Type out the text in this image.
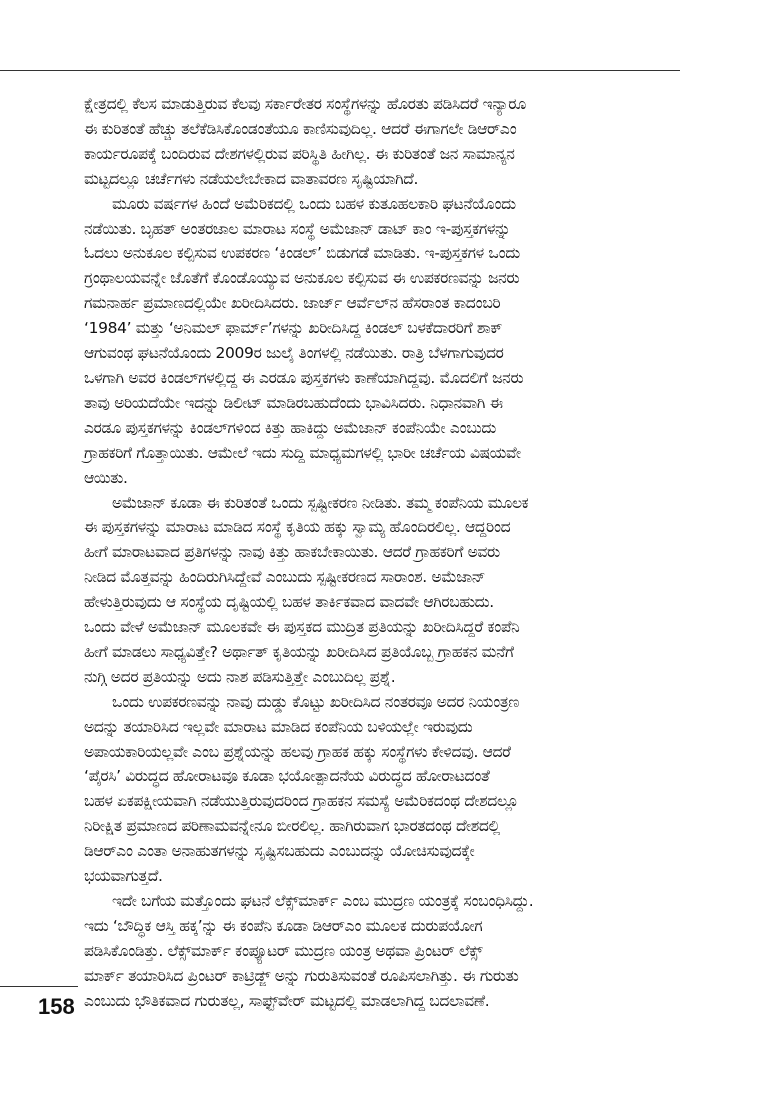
ಕ್ಷೇತ್ರದಲ್ಲಿ ಕೆಲಸ ಮಾಡುತ್ತಿರುವ ಕೆಲವು ಸರ್ಕಾರೇತರ ಸಂಸ್ಥೆಗಳನ್ನು ಹೊರತು ಪಡಿಸಿದರೆ ಇನ್ಯಾರೂ
ಈ ಕುರಿತಂತೆ ಹೆಚ್ಚು ತಲೆಕೆಡಿಸಿಕೊಂಡಂತೆಯೂ ಕಾಣಿಸುವುದಿಲ್ಲ. ಆದರೆ ಈಗಾಗಲೇ ಡಿಆರ್‌ಎಂ
ಕಾರ್ಯರೂಪಕ್ಕೆ ಬಂದಿರುವ ದೇಶಗಳಲ್ಲಿರುವ ಪರಿಸ್ಥಿತಿ ಹೀಗಿಲ್ಲ. ಈ ಕುರಿತಂತೆ ಜನ ಸಾಮಾನ್ಯನ
ಮಟ್ಟದಲ್ಲೂ ಚರ್ಚೆಗಳು ನಡೆಯಲೇಬೇಕಾದ ವಾತಾವರಣ ಸೃಷ್ಟಿಯಾಗಿದೆ.
ಮೂರು ವರ್ಷಗಳ ಹಿಂದೆ ಅಮೆರಿಕದಲ್ಲಿ ಒಂದು ಬಹಳ ಕುತೂಹಲಕಾರಿ ಘಟನೆಯೊಂದು
ನಡೆಯಿತು. ಬೃಹತ್ ಅಂತರಜಾಲ ಮಾರಾಟ ಸಂಸ್ಥೆ ಅಮೆಜಾನ್ ಡಾಟ್ ಕಾಂ ಇ-ಪುಸ್ತಕಗಳನ್ನು
ಓದಲು ಅನುಕೂಲ ಕಲ್ಪಿಸುವ ಉಪಕರಣ ‘ಕಿಂಡಲ್’ ಬಿಡುಗಡೆ ಮಾಡಿತು. ಇ-ಪುಸ್ತಕಗಳ ಒಂದು
ಗ್ರಂಥಾಲಯವನ್ನೇ ಜೊತೆಗೆ ಕೊಂಡೊಯ್ಯುವ ಅನುಕೂಲ ಕಲ್ಪಿಸುವ ಈ ಉಪಕರಣವನ್ನು ಜನರು
ಗಮನಾರ್ಹ ಪ್ರಮಾಣದಲ್ಲಿಯೇ ಖರೀದಿಸಿದರು. ಜಾರ್ಜ್ ಆರ್ವೆಲ್‌ನ ಹೆಸರಾಂತ ಕಾದಂಬರಿ
‘1984’ ಮತ್ತು ‘ಅನಿಮಲ್ ಫಾರ್ಮ್’ಗಳನ್ನು ಖರೀದಿಸಿದ್ದ ಕಿಂಡಲ್ ಬಳಕೆದಾರರಿಗೆ ಶಾಕ್
ಆಗುವಂಥ ಘಟನೆಯೊಂದು 2009ರ ಜುಲೈ ತಿಂಗಳಲ್ಲಿ ನಡೆಯಿತು. ರಾತ್ರಿ ಬೆಳಗಾಗುವುದರ
ಒಳಗಾಗಿ ಅವರ ಕಿಂಡಲ್‌ಗಳಲ್ಲಿದ್ದ ಈ ಎರಡೂ ಪುಸ್ತಕಗಳು ಕಾಣೆಯಾಗಿದ್ದವು. ಮೊದಲಿಗೆ ಜನರು
ತಾವು ಅರಿಯದೆಯೇ ಇದನ್ನು ಡಿಲೀಟ್ ಮಾಡಿರಬಹುದೆಂದು ಭಾವಿಸಿದರು. ನಿಧಾನವಾಗಿ ಈ
ಎರಡೂ ಪುಸ್ತಕಗಳನ್ನು ಕಿಂಡಲ್‌ಗಳಿಂದ ಕಿತ್ತು ಹಾಕಿದ್ದು ಅಮೆಜಾನ್ ಕಂಪೆನಿಯೇ ಎಂಬುದು
ಗ್ರಾಹಕರಿಗೆ ಗೊತ್ತಾಯಿತು. ಆಮೇಲೆ ಇದು ಸುದ್ದಿ ಮಾಧ್ಯಮಗಳಲ್ಲಿ ಭಾರೀ ಚರ್ಚೆಯ ವಿಷಯವೇ
ಆಯಿತು.
ಅಮೆಜಾನ್ ಕೂಡಾ ಈ ಕುರಿತಂತೆ ಒಂದು ಸ್ಪಷ್ಟೀಕರಣ ನೀಡಿತು. ತಮ್ಮ ಕಂಪೆನಿಯ ಮೂಲಕ
ಈ ಪುಸ್ತಕಗಳನ್ನು ಮಾರಾಟ ಮಾಡಿದ ಸಂಸ್ಥೆ ಕೃತಿಯ ಹಕ್ಕು ಸ್ವಾಮ್ಯ ಹೊಂದಿರಲಿಲ್ಲ. ಆದ್ದರಿಂದ
ಹೀಗೆ ಮಾರಾಟವಾದ ಪ್ರತಿಗಳನ್ನು ನಾವು ಕಿತ್ತು ಹಾಕಬೇಕಾಯಿತು. ಆದರೆ ಗ್ರಾಹಕರಿಗೆ ಅವರು
ನೀಡಿದ ಮೊತ್ತವನ್ನು ಹಿಂದಿರುಗಿಸಿದ್ದೇವೆ ಎಂಬುದು ಸ್ಪಷ್ಟೀಕರಣದ ಸಾರಾಂಶ. ಅಮೆಜಾನ್
ಹೇಳುತ್ತಿರುವುದು ಆ ಸಂಸ್ಥೆಯ ದೃಷ್ಟಿಯಲ್ಲಿ ಬಹಳ ತಾರ್ಕಿಕವಾದ ವಾದವೇ ಆಗಿರಬಹುದು.
ಒಂದು ವೇಳೆ ಅಮೆಜಾನ್ ಮೂಲಕವೇ ಈ ಪುಸ್ತಕದ ಮುದ್ರಿತ ಪ್ರತಿಯನ್ನು ಖರೀದಿಸಿದ್ದರೆ ಕಂಪೆನಿ
ಹೀಗೆ ಮಾಡಲು ಸಾಧ್ಯವಿತ್ತೇ? ಅರ್ಥಾತ್ ಕೃತಿಯನ್ನು ಖರೀದಿಸಿದ ಪ್ರತಿಯೊಬ್ಬ ಗ್ರಾಹಕನ ಮನೆಗೆ
ನುಗ್ಗಿ ಅದರ ಪ್ರತಿಯನ್ನು ಅದು ನಾಶ ಪಡಿಸುತ್ತಿತ್ತೇ ಎಂಬುದಿಲ್ಲ ಪ್ರಶ್ನೆ.
ಒಂದು ಉಪಕರಣವನ್ನು ನಾವು ದುಡ್ಡು ಕೊಟ್ಟು ಖರೀದಿಸಿದ ನಂತರವೂ ಅದರ ನಿಯಂತ್ರಣ
ಅದನ್ನು ತಯಾರಿಸಿದ ಇಲ್ಲವೇ ಮಾರಾಟ ಮಾಡಿದ ಕಂಪೆನಿಯ ಬಳಿಯಲ್ಲೇ ಇರುವುದು
ಅಪಾಯಕಾರಿಯಲ್ಲವೇ ಎಂಬ ಪ್ರಶ್ನೆಯನ್ನು ಹಲವು ಗ್ರಾಹಕ ಹಕ್ಕು ಸಂಸ್ಥೆಗಳು ಕೇಳಿದವು. ಆದರೆ
‘ಪೈರಸಿ’ ವಿರುದ್ಧದ ಹೋರಾಟವೂ ಕೂಡಾ ಭಯೋತ್ಪಾದನೆಯ ವಿರುದ್ಧದ ಹೋರಾಟದಂತೆ
ಬಹಳ ಏಕಪಕ್ಷೀಯವಾಗಿ ನಡೆಯುತ್ತಿರುವುದರಿಂದ ಗ್ರಾಹಕನ ಸಮಸ್ಯೆ ಅಮೆರಿಕದಂಥ ದೇಶದಲ್ಲೂ
ನಿರೀಕ್ಷಿತ ಪ್ರಮಾಣದ ಪರಿಣಾಮವನ್ನೇನೂ ಬೀರಲಿಲ್ಲ. ಹಾಗಿರುವಾಗ ಭಾರತದಂಥ ದೇಶದಲ್ಲಿ
ಡಿಆರ್‌ಎಂ ಎಂತಾ ಅನಾಹುತಗಳನ್ನು ಸೃಷ್ಟಿಸಬಹುದು ಎಂಬುದನ್ನು ಯೋಚಿಸುವುದಕ್ಕೇ
ಭಯವಾಗುತ್ತದೆ.
ಇದೇ ಬಗೆಯ ಮತ್ತೊಂದು ಘಟನೆ ಲೆಕ್ಸ್‌ಮಾರ್ಕ್ ಎಂಬ ಮುದ್ರಣ ಯಂತ್ರಕ್ಕೆ ಸಂಬಂಧಿಸಿದ್ದು.
ಇದು ‘ಬೌದ್ಧಿಕ ಆಸ್ತಿ ಹಕ್ಕ’ನ್ನು ಈ ಕಂಪೆನಿ ಕೂಡಾ ಡಿಆರ್‌ಎಂ ಮೂಲಕ ದುರುಪಯೋಗ
ಪಡಿಸಿಕೊಂಡಿತ್ತು. ಲೆಕ್ಸ್‌ಮಾರ್ಕ್ ಕಂಪ್ಯೂಟರ್ ಮುದ್ರಣ ಯಂತ್ರ ಅಥವಾ ಪ್ರಿಂಟರ್ ಲೆಕ್ಸ್
ಮಾರ್ಕ್ ತಯಾರಿಸಿದ ಪ್ರಿಂಟರ್ ಕಾಟ್ರಿಡ್ಜ್ ಅನ್ನು ಗುರುತಿಸುವಂತೆ ರೂಪಿಸಲಾಗಿತ್ತು. ಈ ಗುರುತು
ಎಂಬುದು ಭೌತಿಕವಾದ ಗುರುತಲ್ಲ, ಸಾಫ್ಟ್‌ವೇರ್ ಮಟ್ಟದಲ್ಲಿ ಮಾಡಲಾಗಿದ್ದ ಬದಲಾವಣೆ.
158
